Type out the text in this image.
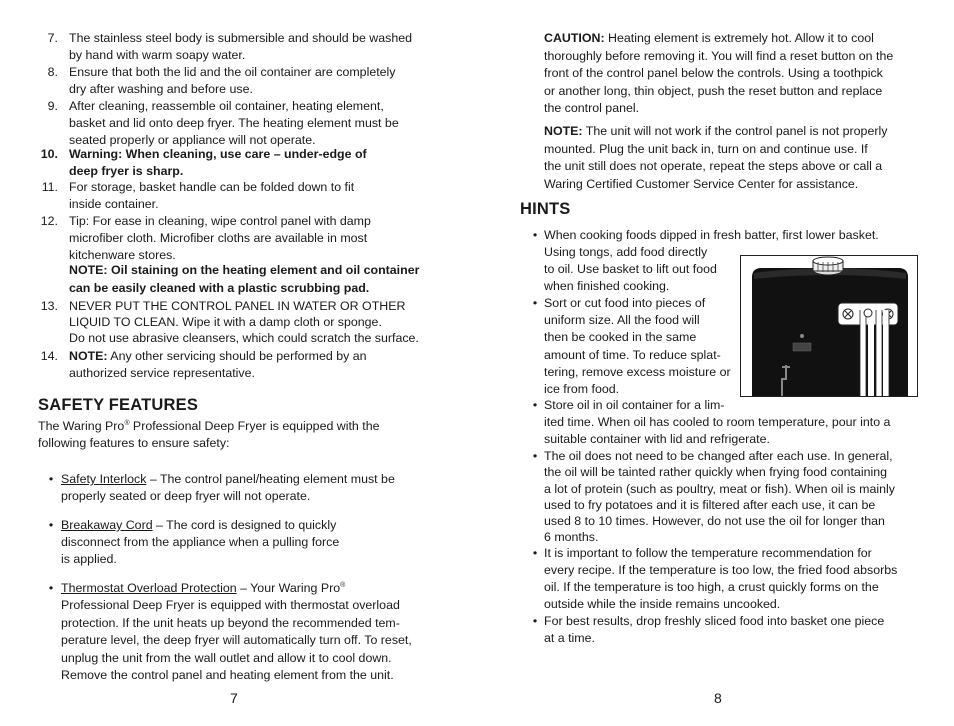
7. The stainless steel body is submersible and should be washed
by hand with warm soapy water.
8. Ensure that both the lid and the oil container are completely
dry after washing and before use.
9. After cleaning, reassemble oil container, heating element,
basket and lid onto deep fryer. The heating element must be
seated properly or appliance will not operate.
10. Warning: When cleaning, use care – under-edge of
deep fryer is sharp.
11. For storage, basket handle can be folded down to fit
inside container.
12. Tip: For ease in cleaning, wipe control panel with damp
microfiber cloth. Microfiber cloths are available in most
kitchenware stores.
NOTE: Oil staining on the heating element and oil container
can be easily cleaned with a plastic scrubbing pad.
13. NEVER PUT THE CONTROL PANEL IN WATER OR OTHER
LIQUID TO CLEAN. Wipe it with a damp cloth or sponge.
Do not use abrasive cleansers, which could scratch the surface.
14. NOTE: Any other servicing should be performed by an
authorized service representative.
SAFETY FEATURES
The Waring Pro® Professional Deep Fryer is equipped with the
following features to ensure safety:
• Safety Interlock – The control panel/heating element must be
properly seated or deep fryer will not operate.
• Breakaway Cord – The cord is designed to quickly
disconnect from the appliance when a pulling force
is applied.
• Thermostat Overload Protection – Your Waring Pro®
Professional Deep Fryer is equipped with thermostat overload
protection. If the unit heats up beyond the recommended tem-
perature level, the deep fryer will automatically turn off. To reset,
unplug the unit from the wall outlet and allow it to cool down.
Remove the control panel and heating element from the unit.
7
CAUTION: Heating element is extremely hot. Allow it to cool
thoroughly before removing it. You will find a reset button on the
front of the control panel below the controls. Using a toothpick
or another long, thin object, push the reset button and replace
the control panel.
NOTE: The unit will not work if the control panel is not properly
mounted. Plug the unit back in, turn on and continue use. If
the unit still does not operate, repeat the steps above or call a
Waring Certified Customer Service Center for assistance.
HINTS
• When cooking foods dipped in fresh batter, first lower basket.
Using tongs, add food directly
to oil. Use basket to lift out food
when finished cooking.
• Sort or cut food into pieces of
uniform size. All the food will
then be cooked in the same
amount of time. To reduce splat-
tering, remove excess moisture or
ice from food.
• Store oil in oil container for a lim-
ited time. When oil has cooled to room temperature, pour into a
suitable container with lid and refrigerate.
• The oil does not need to be changed after each use. In general,
the oil will be tainted rather quickly when frying food containing
a lot of protein (such as poultry, meat or fish). When oil is mainly
used to fry potatoes and it is filtered after each use, it can be
used 8 to 10 times. However, do not use the oil for longer than
6 months.
• It is important to follow the temperature recommendation for
every recipe. If the temperature is too low, the fried food absorbs
oil. If the temperature is too high, a crust quickly forms on the
outside while the inside remains uncooked.
• For best results, drop freshly sliced food into basket one piece
at a time.
8
